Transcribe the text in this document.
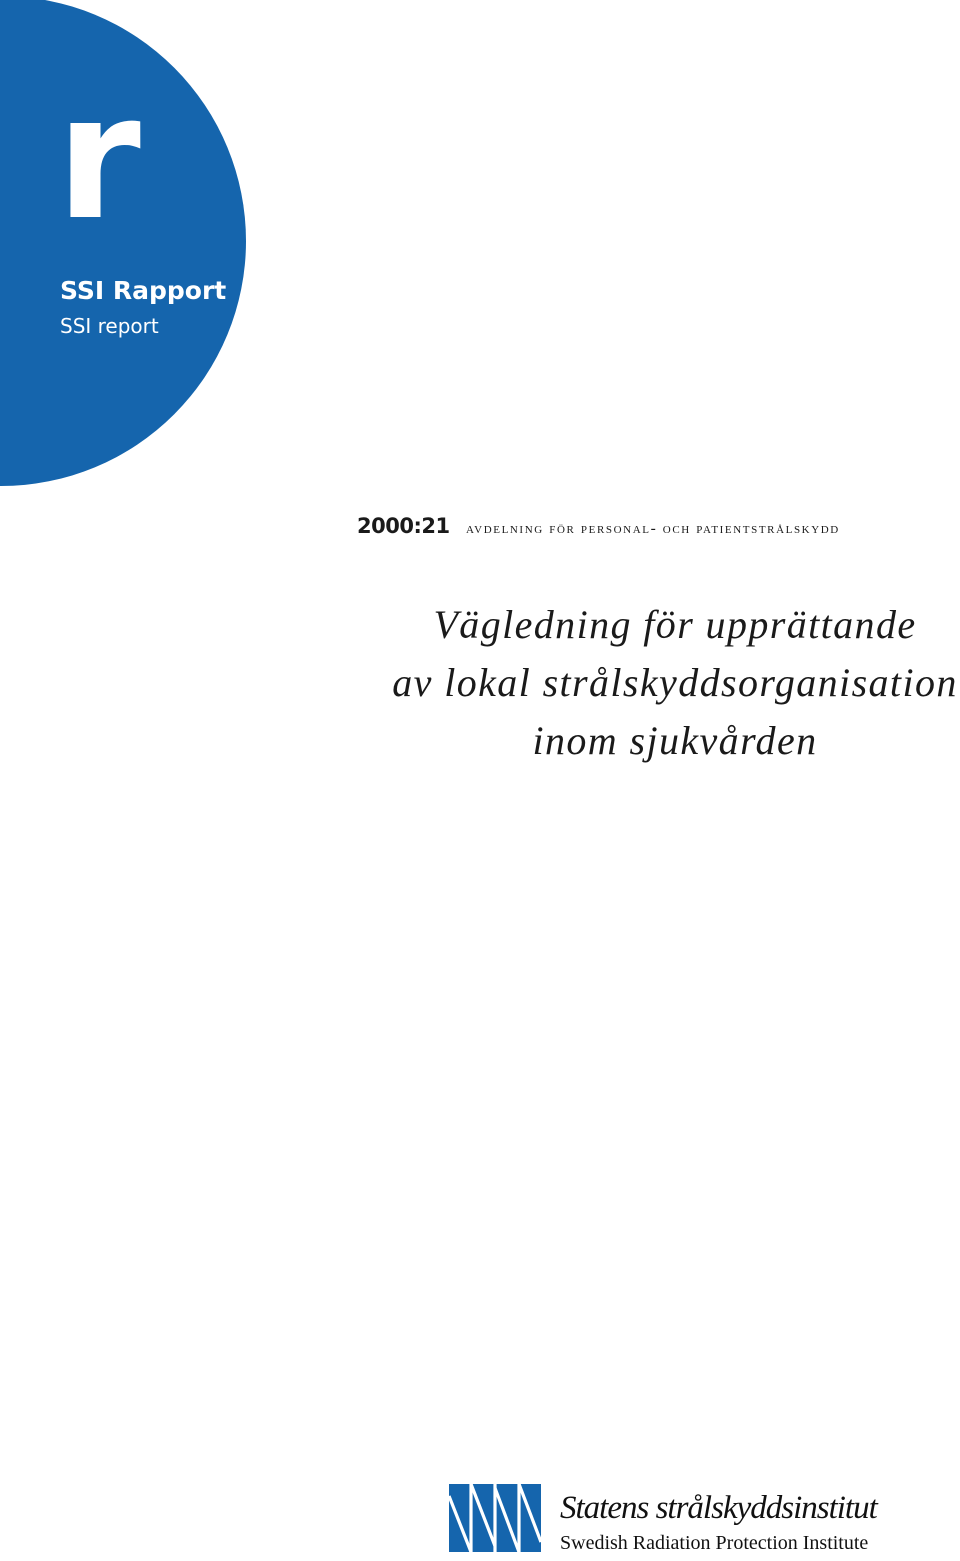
r
SSI Rapport
SSI report
2000:21 avdelning för personal- och patientstrålskydd
Vägledning för upprättande
av lokal strålskyddsorganisation
inom sjukvården
Statens strålskyddsinstitut
Swedish Radiation Protection Institute
